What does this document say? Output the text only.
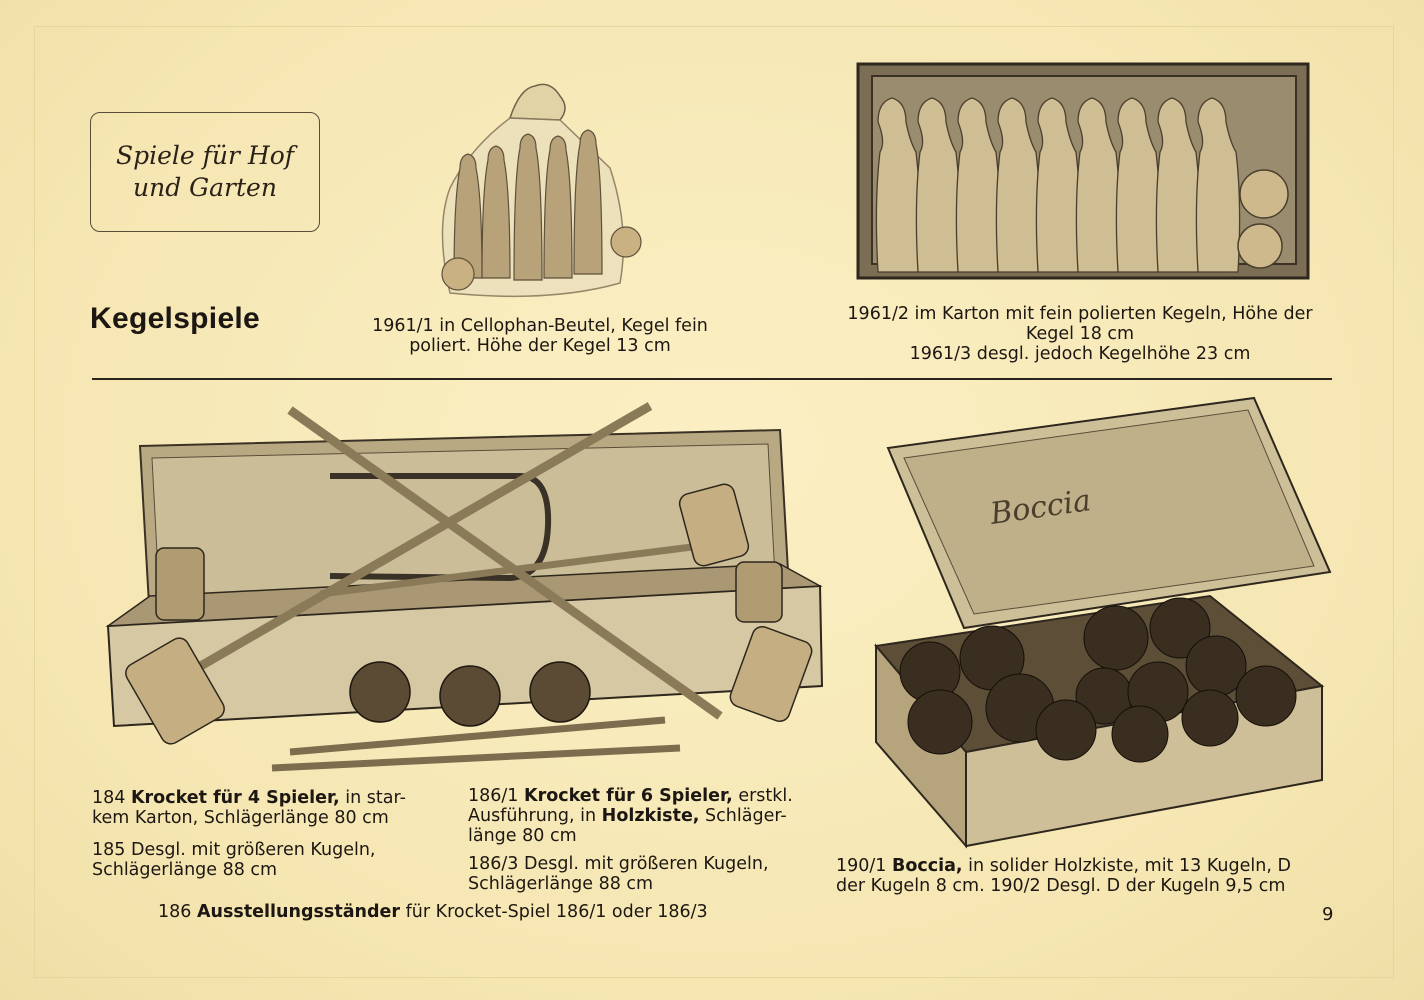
Spiele für Hof
und Garten
Kegelspiele	1961/1 in Cellophan-Beutel, Kegel fein
poliert. Höhe der Kegel 13 cm
1961/2 im Karton mit fein polierten Kegeln, Höhe der
Kegel 18 cm
1961/3 desgl. jedoch Kegelhöhe 23 cm
Boccia
184 Krocket für 4 Spieler, in star-
kem Karton, Schlägerlänge 80 cm
185 Desgl. mit größeren Kugeln,
Schlägerlänge 88 cm
186/1 Krocket für 6 Spieler, erstkl.
Ausführung, in Holzkiste, Schläger-
länge 80 cm
186/3 Desgl. mit größeren Kugeln,
Schlägerlänge 88 cm
186 Ausstellungsständer für Krocket-Spiel 186/1 oder 186/3
190/1 Boccia, in solider Holzkiste, mit 13 Kugeln, D
der Kugeln 8 cm. 190/2 Desgl. D der Kugeln 9,5 cm
9
